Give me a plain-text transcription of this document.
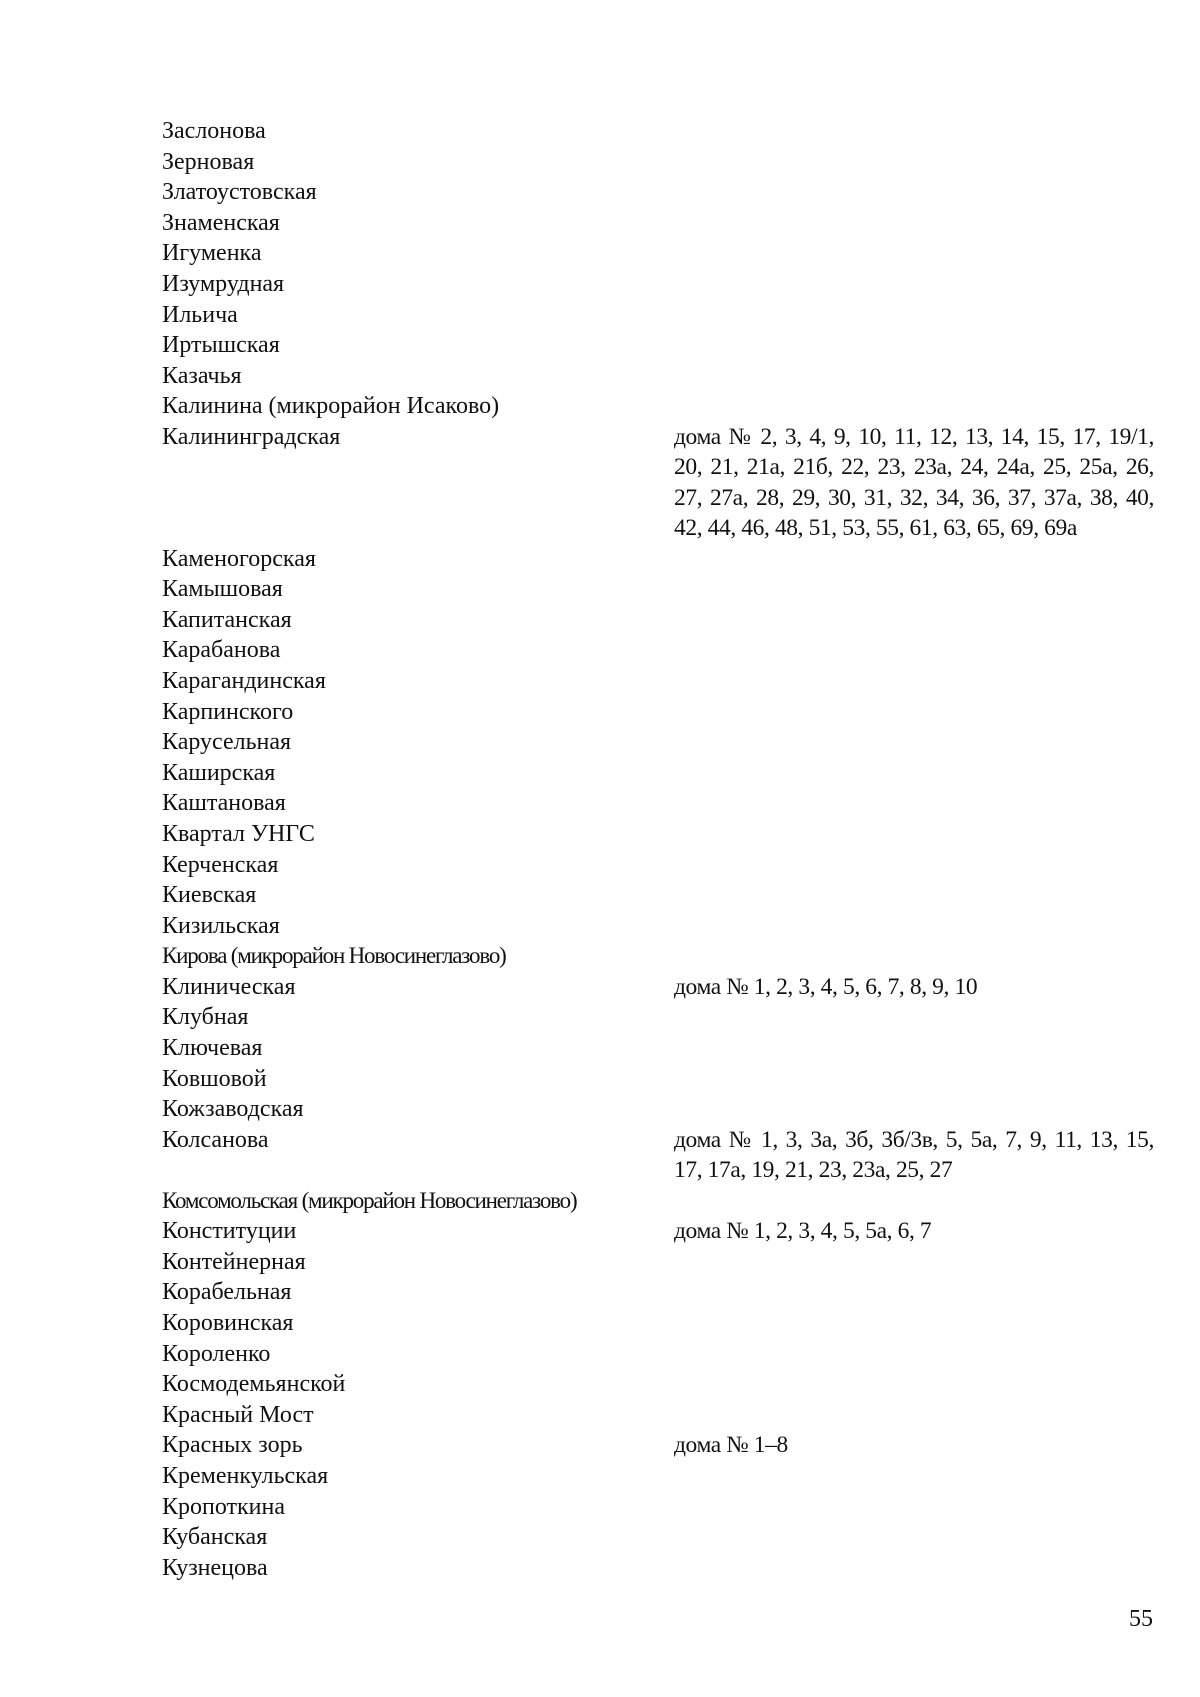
Заслонова
Зерновая
Златоустовская
Знаменская
Игуменка
Изумрудная
Ильича
Иртышская
Казачья
Калинина (микрорайон Исаково)
Калининградская	дома № 2, 3, 4, 9, 10, 11, 12, 13, 14, 15, 17, 19/1, 20, 21, 21а, 21б, 22, 23, 23а, 24, 24а, 25, 25а, 26, 27, 27а, 28, 29, 30, 31, 32, 34, 36, 37, 37а, 38, 40, 42, 44, 46, 48, 51, 53, 55, 61, 63, 65, 69, 69а
Каменогорская
Камышовая
Капитанская
Карабанова
Карагандинская
Карпинского
Карусельная
Каширская
Каштановая
Квартал УНГС
Керченская
Киевская
Кизильская
Кирова (микрорайон Новосинеглазово)
Клиническая	дома № 1, 2, 3, 4, 5, 6, 7, 8, 9, 10
Клубная
Ключевая
Ковшовой
Кожзаводская
Колсанова	дома № 1, 3, 3а, 3б, 3б/3в, 5, 5а, 7, 9, 11, 13, 15, 17, 17а, 19, 21, 23, 23а, 25, 27
Комсомольская (микрорайон Новосинеглазово)
Конституции	дома № 1, 2, 3, 4, 5, 5а, 6, 7
Контейнерная
Корабельная
Коровинская
Короленко
Космодемьянской
Красный Мост
Красных зорь	дома № 1–8
Кременкульская
Кропоткина
Кубанская
Кузнецова
55
